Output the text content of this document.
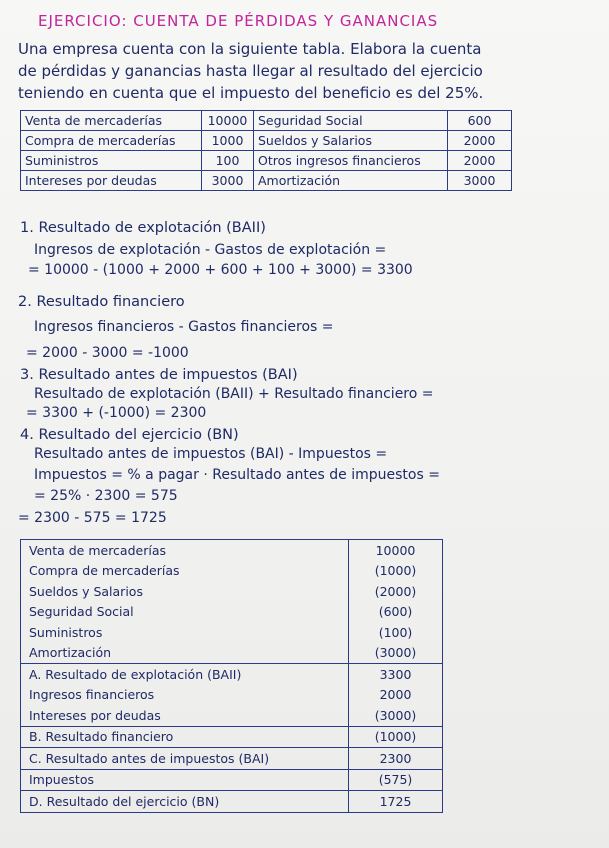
EJERCICIO: CUENTA DE PÉRDIDAS Y GANANCIAS
Una empresa cuenta con la siguiente tabla. Elabora la cuenta
de pérdidas y ganancias hasta llegar al resultado del ejercicio
teniendo en cuenta que el impuesto del beneficio es del 25%.
Venta de mercaderías	10000	Seguridad Social	600
Compra de mercaderías	1000	Sueldos y Salarios	2000
Suministros	100	Otros ingresos financieros	2000
Intereses por deudas	3000	Amortización	3000
1. Resultado de explotación (BAII)
Ingresos de explotación - Gastos de explotación =
= 10000 - (1000 + 2000 + 600 + 100 + 3000) = 3300
2. Resultado financiero
Ingresos financieros - Gastos financieros =
= 2000 - 3000 = -1000
3. Resultado antes de impuestos (BAI)
Resultado de explotación (BAII) + Resultado financiero =
= 3300 + (-1000) = 2300
4. Resultado del ejercicio (BN)
Resultado antes de impuestos (BAI) - Impuestos =
Impuestos = % a pagar · Resultado antes de impuestos =
= 25% · 2300 = 575
= 2300 - 575 = 1725
Venta de mercaderías	10000
Compra de mercaderías	(1000)
Sueldos y Salarios	(2000)
Seguridad Social	(600)
Suministros	(100)
Amortización	(3000)
A. Resultado de explotación (BAII)	3300
Ingresos financieros	2000
Intereses por deudas	(3000)
B. Resultado financiero	(1000)
C. Resultado antes de impuestos (BAI)	2300
Impuestos	(575)
D. Resultado del ejercicio (BN)	1725
